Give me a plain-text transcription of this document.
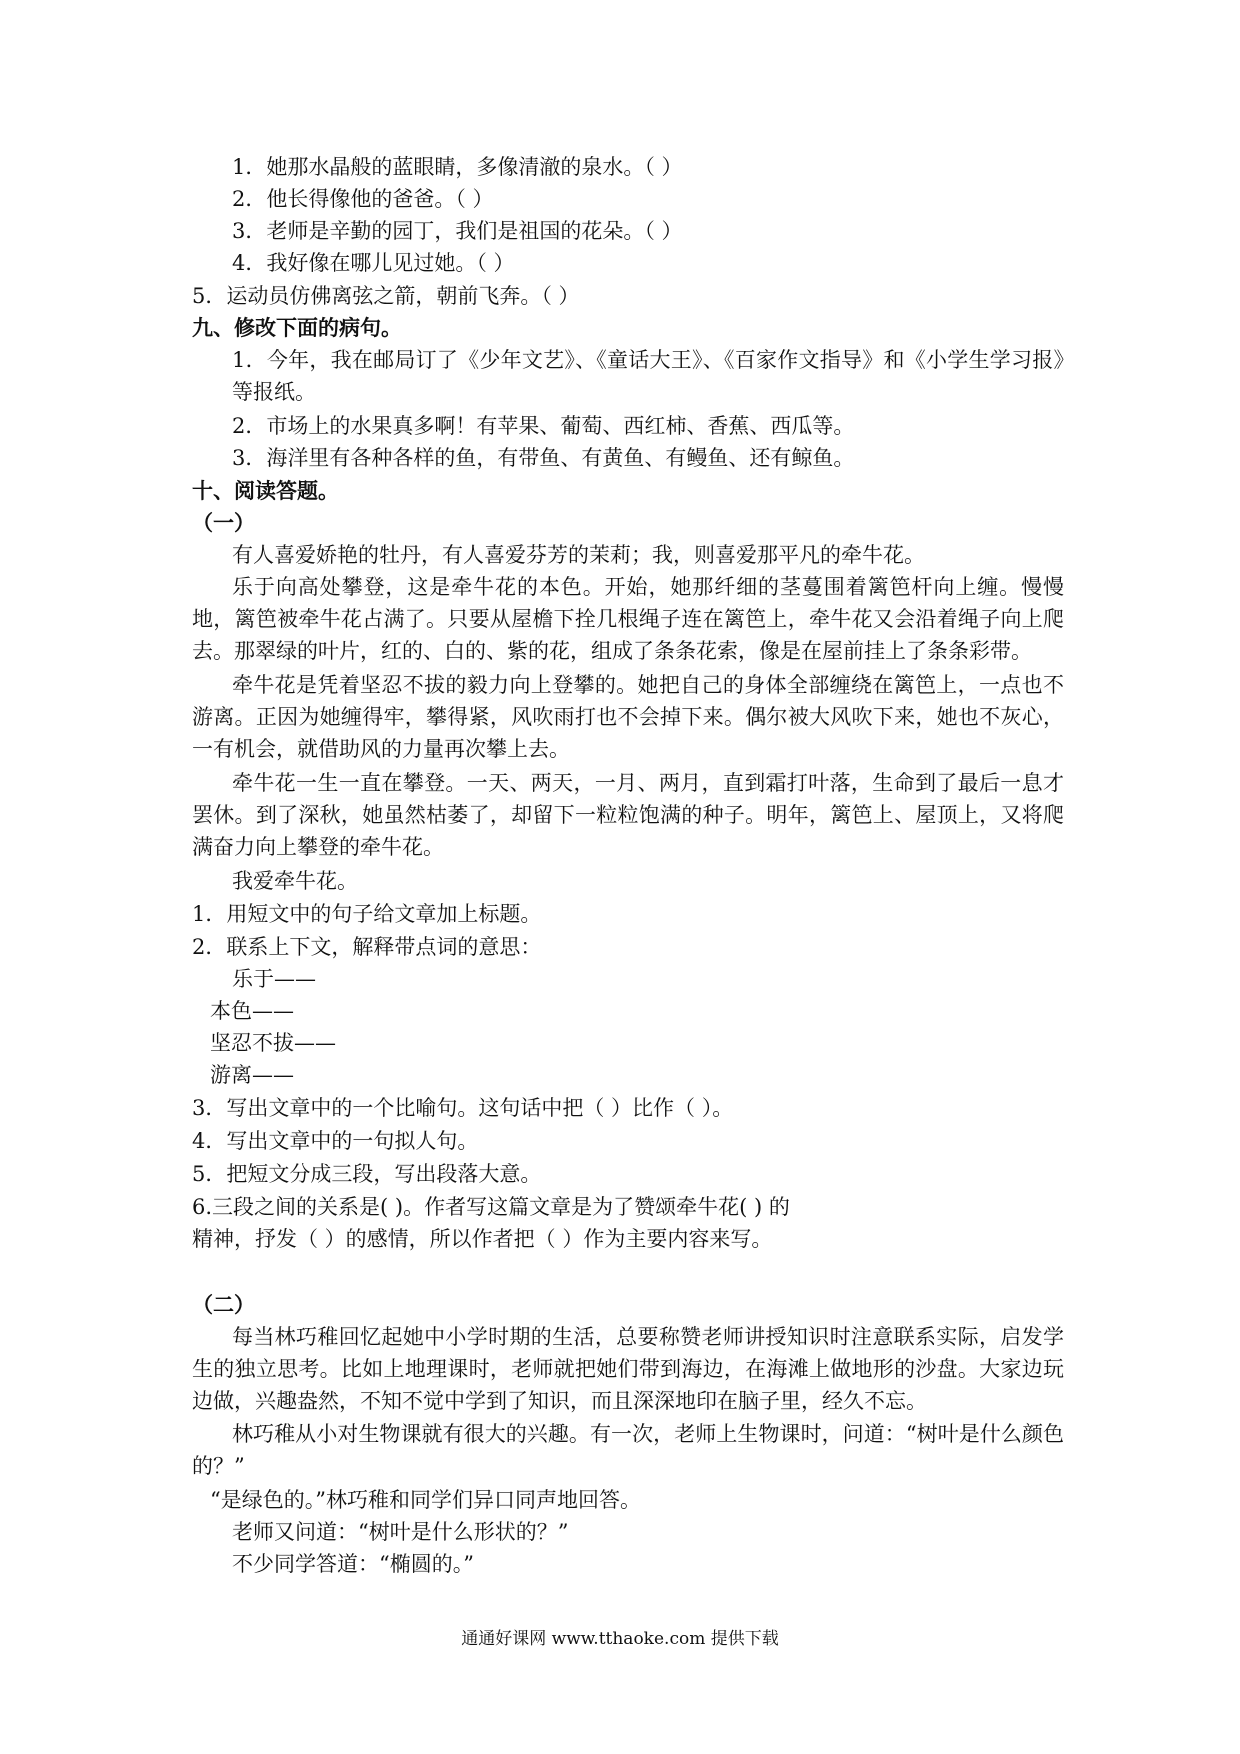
1．她那水晶般的蓝眼睛，多像清澈的泉水。（ ）
2．他长得像他的爸爸。（ ）
3．老师是辛勤的园丁，我们是祖国的花朵。（ ）
4．我好像在哪儿见过她。（ ）
5．运动员仿佛离弦之箭，朝前飞奔。（ ）
九、修改下面的病句。
1．今年，我在邮局订了《少年文艺》、《童话大王》、《百家作文指导》和《小学生学习报》等报纸。
2．市场上的水果真多啊！有苹果、葡萄、西红柿、香蕉、西瓜等。
3．海洋里有各种各样的鱼，有带鱼、有黄鱼、有鳗鱼、还有鲸鱼。
十、阅读答题。
（一）
有人喜爱娇艳的牡丹，有人喜爱芬芳的茉莉；我，则喜爱那平凡的牵牛花。
乐于向高处攀登，这是牵牛花的本色。开始，她那纤细的茎蔓围着篱笆杆向上缠。慢慢地，篱笆被牵牛花占满了。只要从屋檐下拴几根绳子连在篱笆上，牵牛花又会沿着绳子向上爬去。那翠绿的叶片，红的、白的、紫的花，组成了条条花索，像是在屋前挂上了条条彩带。
牵牛花是凭着坚忍不拔的毅力向上登攀的。她把自己的身体全部缠绕在篱笆上，一点也不游离。正因为她缠得牢，攀得紧，风吹雨打也不会掉下来。偶尔被大风吹下来，她也不灰心，一有机会，就借助风的力量再次攀上去。
牵牛花一生一直在攀登。一天、两天，一月、两月，直到霜打叶落，生命到了最后一息才罢休。到了深秋，她虽然枯萎了，却留下一粒粒饱满的种子。明年，篱笆上、屋顶上，又将爬满奋力向上攀登的牵牛花。
我爱牵牛花。
1．用短文中的句子给文章加上标题。
2．联系上下文，解释带点词的意思：
乐于——
本色——
坚忍不拔——
游离——
3．写出文章中的一个比喻句。这句话中把（ ）比作（ ）。
4．写出文章中的一句拟人句。
5．把短文分成三段，写出段落大意。
6.三段之间的关系是( )。作者写这篇文章是为了赞颂牵牛花( ) 的
精神，抒发（ ）的感情，所以作者把（ ）作为主要内容来写。
（二）
每当林巧稚回忆起她中小学时期的生活，总要称赞老师讲授知识时注意联系实际，启发学生的独立思考。比如上地理课时，老师就把她们带到海边，在海滩上做地形的沙盘。大家边玩边做，兴趣盎然，不知不觉中学到了知识，而且深深地印在脑子里，经久不忘。
林巧稚从小对生物课就有很大的兴趣。有一次，老师上生物课时，问道：“树叶是什么颜色的？”
“是绿色的。”林巧稚和同学们异口同声地回答。
老师又问道：“树叶是什么形状的？”
不少同学答道：“椭圆的。”
通通好课网 www.tthaoke.com 提供下载
